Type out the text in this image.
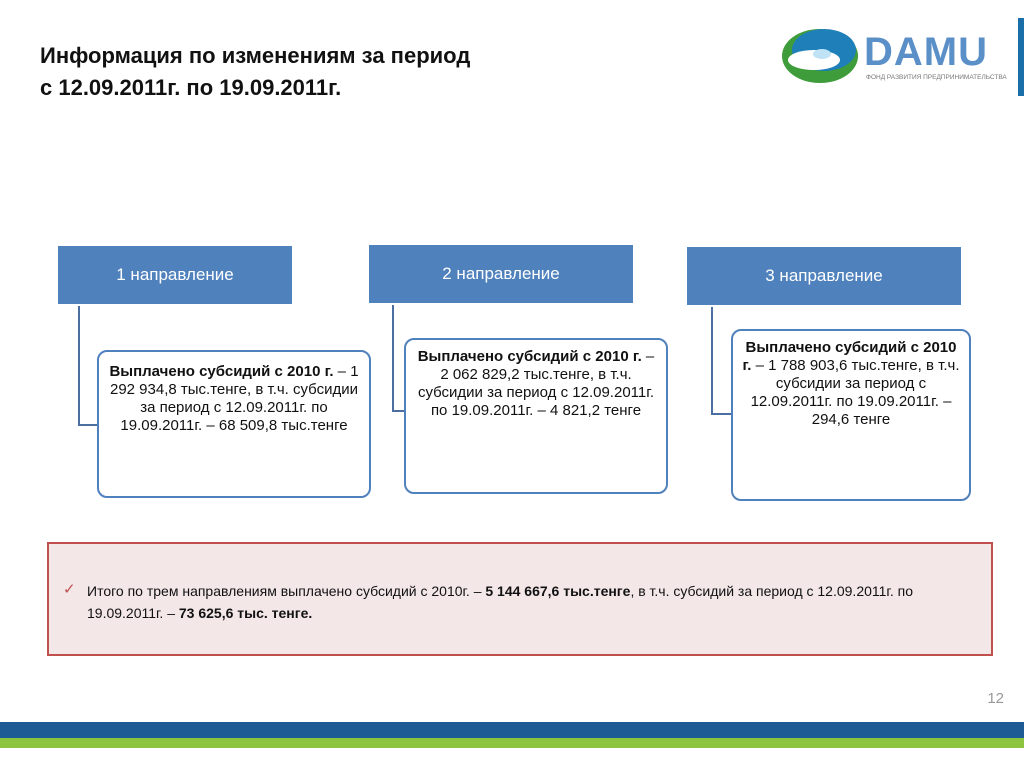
Информация по изменениям за период
с 12.09.2011г. по 19.09.2011г.
DAMU
ФОНД РАЗВИТИЯ ПРЕДПРИНИМАТЕЛЬСТВА
1 направление
Выплачено субсидий с 2010 г. – 1 292 934,8 тыс.тенге, в т.ч. субсидии за период с 12.09.2011г. по 19.09.2011г. – 68 509,8 тыс.тенге
2 направление
Выплачено субсидий с 2010 г. – 2 062 829,2 тыс.тенге, в т.ч. субсидии за период с 12.09.2011г. по 19.09.2011г. – 4 821,2 тенге
3 направление
Выплачено субсидий с 2010 г. – 1 788 903,6 тыс.тенге, в т.ч. субсидии за период с 12.09.2011г. по 19.09.2011г. – 294,6 тенге
✓ Итого по трем направлениям выплачено субсидий с 2010г. – 5 144 667,6 тыс.тенге, в т.ч. субсидий за период с 12.09.2011г. по 19.09.2011г. – 73 625,6 тыс. тенге.
12
